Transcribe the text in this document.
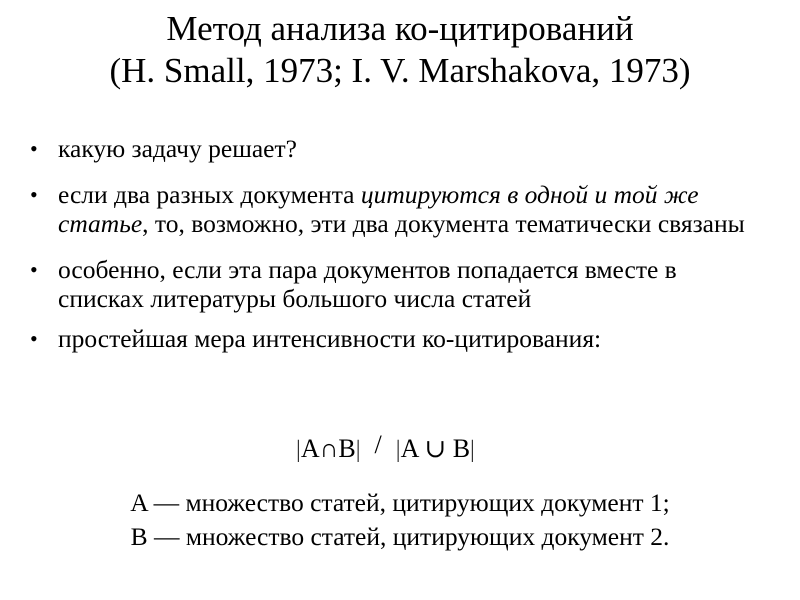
Метод анализа ко-цитирований
(H. Small, 1973; I. V. Marshakova, 1973)
• какую задачу решает?
• если два разных документа цитируются в одной и той же статье, то, возможно, эти два документа тематически связаны
• особенно, если эта пара документов попадается вместе в списках литературы большого числа статей
• простейшая мера интенсивности ко-цитирования:
|A∩B| / |A ∪ B|
A — множество статей, цитирующих документ 1;
B — множество статей, цитирующих документ 2.
